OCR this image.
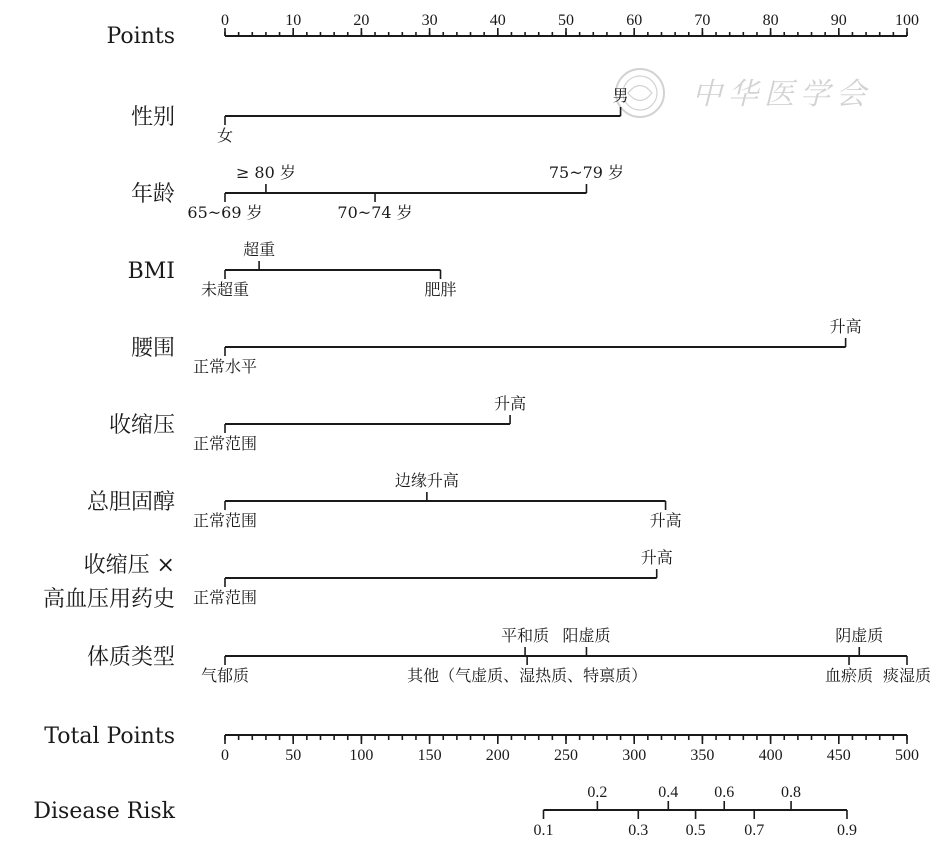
中华医学会
Points
0	10	20	30	40	50	60	70	80	90	100
性别
女
男
年龄
65~69 岁
≥ 80 岁
70~74 岁
75~79 岁
BMI
未超重
超重
肥胖
腰围
正常水平
升高
收缩压
正常范围
升高
总胆固醇
正常范围
边缘升高
升高
收缩压 ×
高血压用药史 正常范围
升高
体质类型
气郁质
平和质
其他（气虚质、湿热质、特禀质）
阳虚质	阴虚质
血瘀质 痰湿质
Total Points
0	50	100	150	200	250	300	350	400	450	500
Disease Risk
0.2	0.4 0.6	0.8
0.1	0.3 0.5 0.7	0.9
